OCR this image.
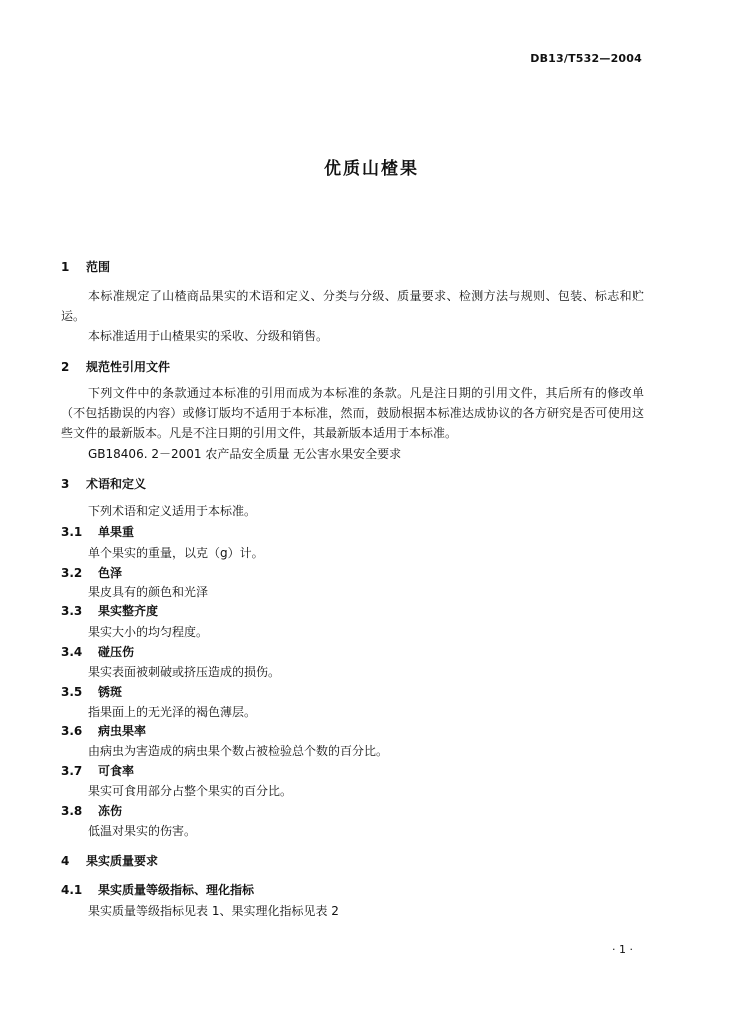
DB13/T532—2004
优质山楂果
1 范围

本标准规定了山楂商品果实的术语和定义、分类与分级、质量要求、检测方法与规则、包装、标志和贮运。

本标准适用于山楂果实的采收、分级和销售。
2 规范性引用文件

下列文件中的条款通过本标准的引用而成为本标准的条款。凡是注日期的引用文件，其后所有的修改单（不包括勘误的内容）或修订版均不适用于本标准，然而，鼓励根据本标准达成协议的各方研究是否可使用这些文件的最新版本。凡是不注日期的引用文件，其最新版本适用于本标准。

GB18406. 2－2001 农产品安全质量 无公害水果安全要求
3 术语和定义
下列术语和定义适用于本标准。
3.1 单果重
单个果实的重量，以克（g）计。
3.2 色泽
果皮具有的颜色和光泽
3.3 果实整齐度
果实大小的均匀程度。
3.4 碰压伤
果实表面被刺破或挤压造成的损伤。
3.5 锈斑
指果面上的无光泽的褐色薄层。
3.6 病虫果率
由病虫为害造成的病虫果个数占被检验总个数的百分比。
3.7 可食率
果实可食用部分占整个果实的百分比。
3.8 冻伤
低温对果实的伤害。
4 果实质量要求
4.1 果实质量等级指标、理化指标
果实质量等级指标见表 1、果实理化指标见表 2
· 1 ·
